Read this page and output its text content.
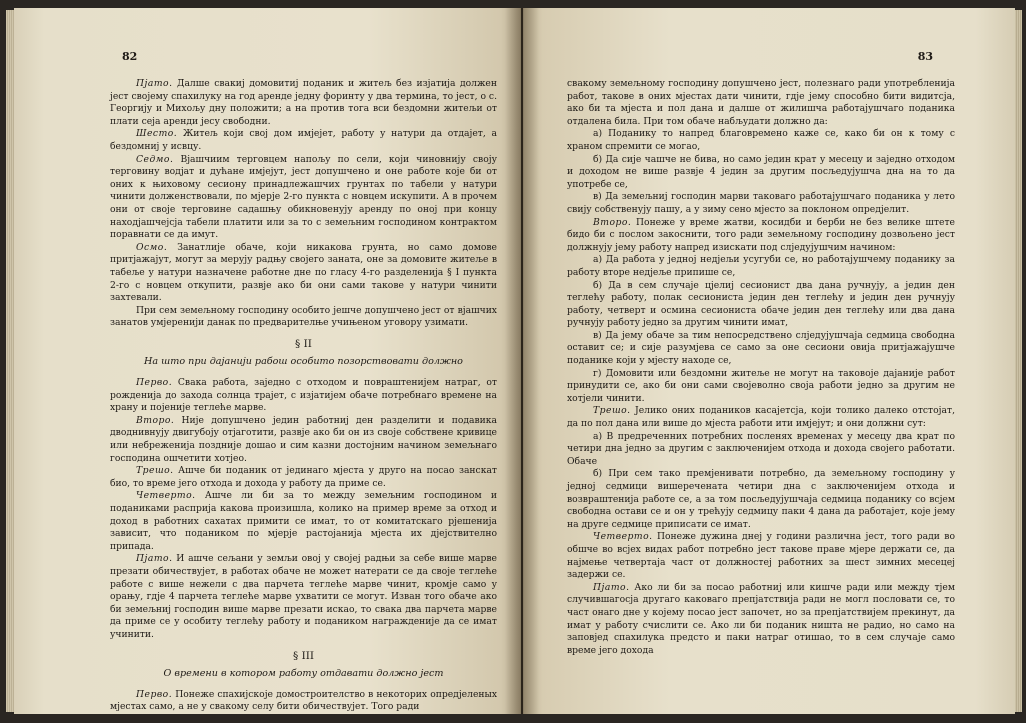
82

Пјато. Далше свакиј домовитиј поданик и житељ без изјатија должен јест својему спахилуку на год аренде једну форинту у два термина, то јест, о с. Георгију и Михољу дну положити; а на против тога вси бездомни житељи от плати сеја аренди јесу свободни.

Шесто. Житељ који свој дом имјејет, работу у натури да отдајет, а бездомниј у исвцу.

Седмо. Вјашчиим терговцем напољу по сели, који чиновнију своју терговину водјат и дућане имјејут, јест допушчено и оне работе које би от оних к њиховому сесиону принадлежашчих грунтах по табели у натури чинити долженствовали, по мјерје 2-го пункта с новцем искупити. А в прочем они от своје терговине садашњу обикновенују аренду по оној при концу находјашчејсја табели платити или за то с земељним господином контрактом поравнати се да имут.

Осмо. Занатлије обаче, који никакова грунта, но само домове притјажајут, могут за мерују радњу својего заната, оне за домовите житеље в табеље у натури назначене работне дне по гласу 4-го разделенија § I пункта 2-го с новцем откупити, развје ако би они сами такове у натури чинити захтевали.

При сем земељному господину особито јешче допушчено јест от вјашчих занатов умјеренији данак по предварителње учињеном уговору узимати.

§ II
На што при дајанији рабош особито позорствовати должно

Перво. Свака работа, заједно с отходом и повраштенијем натраг, от рожденија до захода солнца трајет, с изјатијем обаче потребнаго времене на храну и појеније теглеће марве.

Второ. Није допушчено једин работниј ден разделити и подавика дводнивнују двигубоју отјаготити, развје ако би он из своје собствене кривице или небреженија поздније дошао и сим казни достојним начином земељнаго господина ошчетити хотјео.

Трешо. Ашче би поданик от јединаго мјеста у друго на посао занскат био, то време јего отхода и дохода у работу да приме се.

Четверто. Ашче ли би за то между земељним господином и поданиками расприја какова произишла, колико на пример време за отход и доход в работних сахатах примити се имат, то от комитатскаго рјешенија зависит, что подаником по мјерје растојанија мјеста их дјејствително припада.

Пјато. И ашче сељани у земљи овој у својеј радњи за себе више марве презати обичествујет, в работах обаче не может натерати се да своје теглеће работе с више нежели с два парчета теглеће марве чинит, кромје само у орању, гдје 4 парчета теглеће марве ухватити се могут. Изван того обаче ако би земељниј господин више марве презати искао, то свака два парчета марве да приме се у особиту теглећу работу и подаником награжденије да се имат учинити.

§ III
О времени в котором работу отдавати должно јест

Перво. Понеже спахијскоје домостроителство в некоторих опредјеленых мјестах само, а не у свакому селу бити обичествујет. Того ради

83

свакому земељному господину допушчено јест, полезнаго ради употребленија работ, такове в оних мјестах дати чинити, гдје јему способно бити видитсја, ако би та мјеста и пол дана и далше от жилишча работајушчаго поданика отдалена била. При том обаче набљудати должно да:

а) Поданику то напред благовремено каже се, како би он к тому с храном спремити се могао,

б) Да сије чашче не бива, но само једин крат у месецу и заједно отходом и доходом не више развје 4 једин за другим посљедујушча дна на то да употребе се,

в) Да земељниј господин марви таковаго работајушчаго поданика у лето свију собственују пашу, а у зиму сено мјесто за поклоном опредјелит.

Второ. Понеже у време жатви, косидби и берби не без велике штете бидо би с послом закоснити, того ради земељному господину дозвољено јест должнују јему работу напред изискати под слједујушчим начином:

а) Да работа у једној недјељи усугуби се, но работајушчему поданику за работу вторе недјеље припише се,

б) Да в сем случаје цјелиј сесионист два дана ручнују, а једин ден теглећу работу, полак сесиониста једин ден теглећу и једин ден ручнују работу, четверт и осмина сесиониста обаче једин ден теглећу или два дана ручнују работу једно за другим чинити имат,

в) Да јему обаче за тим непосредствено слједујушчаја седмица свободна оставит се; и сије разумјева се само за оне сесиони овија притјажајушче поданике који у мјесту находе се,

г) Домовити или бездомни житеље не могут на таковоје дајаније работ принудити се, ако би они сами својеволно своја работи једно за другим не хотјели чинити.

Трешо. Јелико оних подаников касајетсја, који толико далеко отстојат, да по пол дана или више до мјеста работи ити имјејут; и они должни сут:

а) В предреченних потребних посленях временах у месецу два крат по четири дна једно за другим с заключенијем отхода и дохода својего работати. Обаче

б) При сем тако премјенивати потребно, да земељному господину у једној седмици вишеречената четири дна с заключенијем отхода и возвраштенија работе се, а за том посљедујушчаја седмица поданику со всјем свободна остави се и он у трећују седмицу паки 4 дана да работајет, које јему на друге седмице приписати се имат.

Четверто. Понеже дужина днеј у години различна јест, того ради во обшче во всјех видах работ потребно јест такове праве мјере держати се, да најмење четвертаја част от должностеј работних за шест зимних месецеј задержи се.

Пјато. Ако ли би за посао работниј или кишче ради или между тјем случившагосја другаго каковаго препјатствија ради не могл пословати се, то част онаго дне у којему посао јест започет, но за препјатствијем прекинут, да имат у работу счислити се. Ако ли би поданик ништа не радио, но само на заповјед спахилука предсто и паки натраг отишао, то в сем случаје само време јего дохода
